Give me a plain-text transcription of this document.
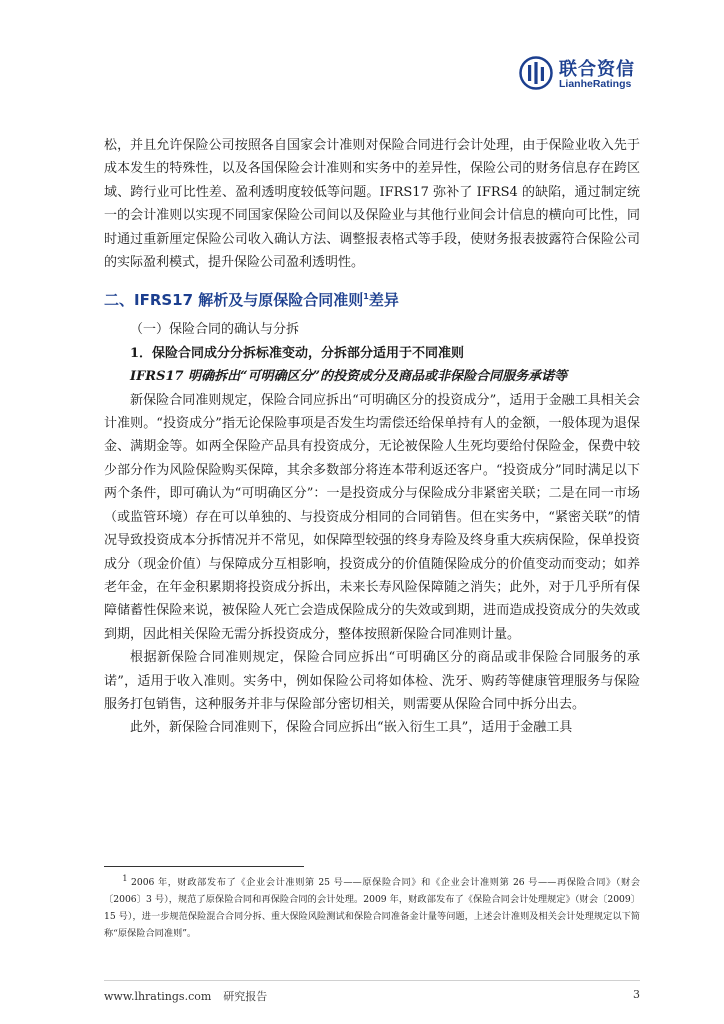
联合资信
LianheRatings

松，并且允许保险公司按照各自国家会计准则对保险合同进行会计处理，由于保险业收入先于成本发生的特殊性，以及各国保险会计准则和实务中的差异性，保险公司的财务信息存在跨区域、跨行业可比性差、盈利透明度较低等问题。IFRS17 弥补了 IFRS4 的缺陷，通过制定统一的会计准则以实现不同国家保险公司间以及保险业与其他行业间会计信息的横向可比性，同时通过重新厘定保险公司收入确认方法、调整报表格式等手段，使财务报表披露符合保险公司的实际盈利模式，提升保险公司盈利透明性。

二、IFRS17 解析及与原保险合同准则$^1$差异
（一）保险合同的确认与分拆
1．保险合同成分分拆标准变动，分拆部分适用于不同准则
IFRS17 明确拆出“可明确区分”的投资成分及商品或非保险合同服务承诺等

新保险合同准则规定，保险合同应拆出“可明确区分的投资成分”，适用于金融工具相关会计准则。“投资成分”指无论保险事项是否发生均需偿还给保单持有人的金额，一般体现为退保金、满期金等。如两全保险产品具有投资成分，无论被保险人生死均要给付保险金，保费中较少部分作为风险保险购买保障，其余多数部分将连本带利返还客户。“投资成分”同时满足以下两个条件，即可确认为“可明确区分”：一是投资成分与保险成分非紧密关联；二是在同一市场（或监管环境）存在可以单独的、与投资成分相同的合同销售。但在实务中，“紧密关联”的情况导致投资成本分拆情况并不常见，如保障型较强的终身寿险及终身重大疾病保险，保单投资成分（现金价值）与保障成分互相影响，投资成分的价值随保险成分的价值变动而变动；如养老年金，在年金积累期将投资成分拆出，未来长寿风险保障随之消失；此外，对于几乎所有保障储蓄性保险来说，被保险人死亡会造成保险成分的失效或到期，进而造成投资成分的失效或到期，因此相关保险无需分拆投资成分，整体按照新保险合同准则计量。

根据新保险合同准则规定，保险合同应拆出“可明确区分的商品或非保险合同服务的承诺”，适用于收入准则。实务中，例如保险公司将如体检、洗牙、购药等健康管理服务与保险服务打包销售，这种服务并非与保险部分密切相关，则需要从保险合同中拆分出去。

此外，新保险合同准则下，保险合同应拆出“嵌入衍生工具”，适用于金融工具

$^1$ 2006 年，财政部发布了《企业会计准则第 25 号——原保险合同》和《企业会计准则第 26 号——再保险合同》（财会〔2006〕3 号），规范了原保险合同和再保险合同的会计处理。2009 年，财政部发布了《保险合同会计处理规定》（财会〔2009〕15 号），进一步规范保险混合合同分拆、重大保险风险测试和保险合同准备金计量等问题，上述会计准则及相关会计处理规定以下简称“原保险合同准则”。
www.lhratings.com 研究报告	3
